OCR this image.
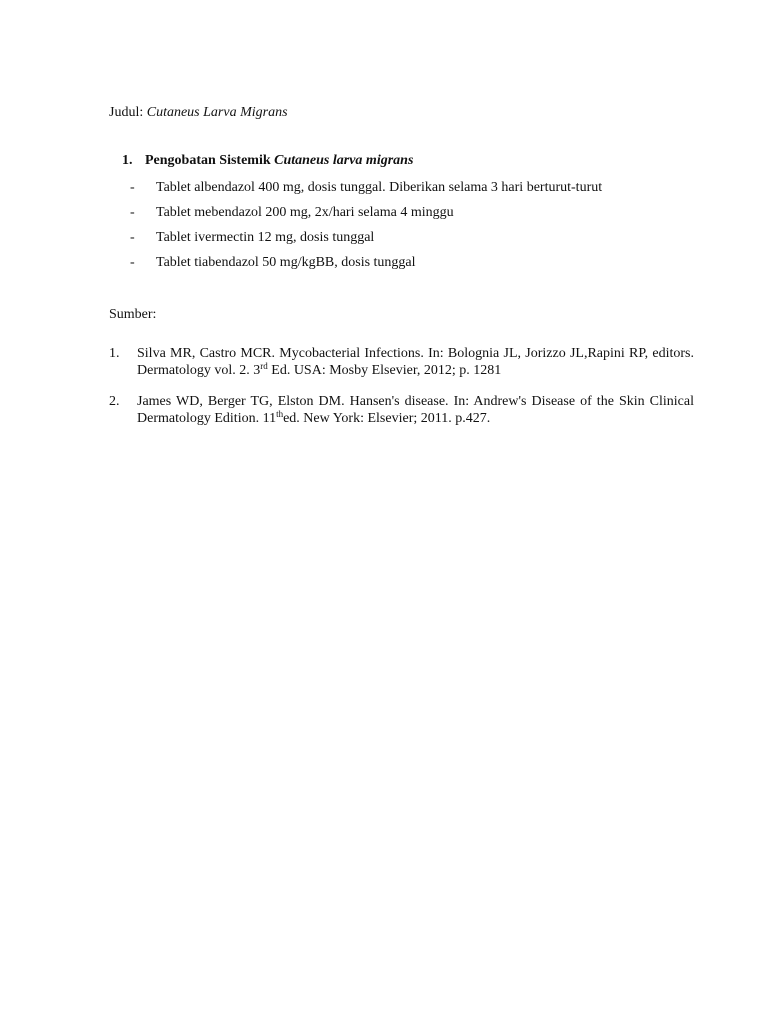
Judul: Cutaneus Larva Migrans
1. Pengobatan Sistemik Cutaneus larva migrans
- Tablet albendazol 400 mg, dosis tunggal. Diberikan selama 3 hari berturut-turut
- Tablet mebendazol 200 mg, 2x/hari selama 4 minggu
- Tablet ivermectin 12 mg, dosis tunggal
- Tablet tiabendazol 50 mg/kgBB, dosis tunggal
Sumber:
1. Silva MR, Castro MCR. Mycobacterial Infections. In: Bolognia JL, Jorizzo JL,Rapini RP, editors. Dermatology vol. 2. 3rd Ed. USA: Mosby Elsevier, 2012; p. 1281
2. James WD, Berger TG, Elston DM. Hansen's disease. In: Andrew's Disease of the Skin Clinical Dermatology Edition. 11thed. New York: Elsevier; 2011. p.427.
